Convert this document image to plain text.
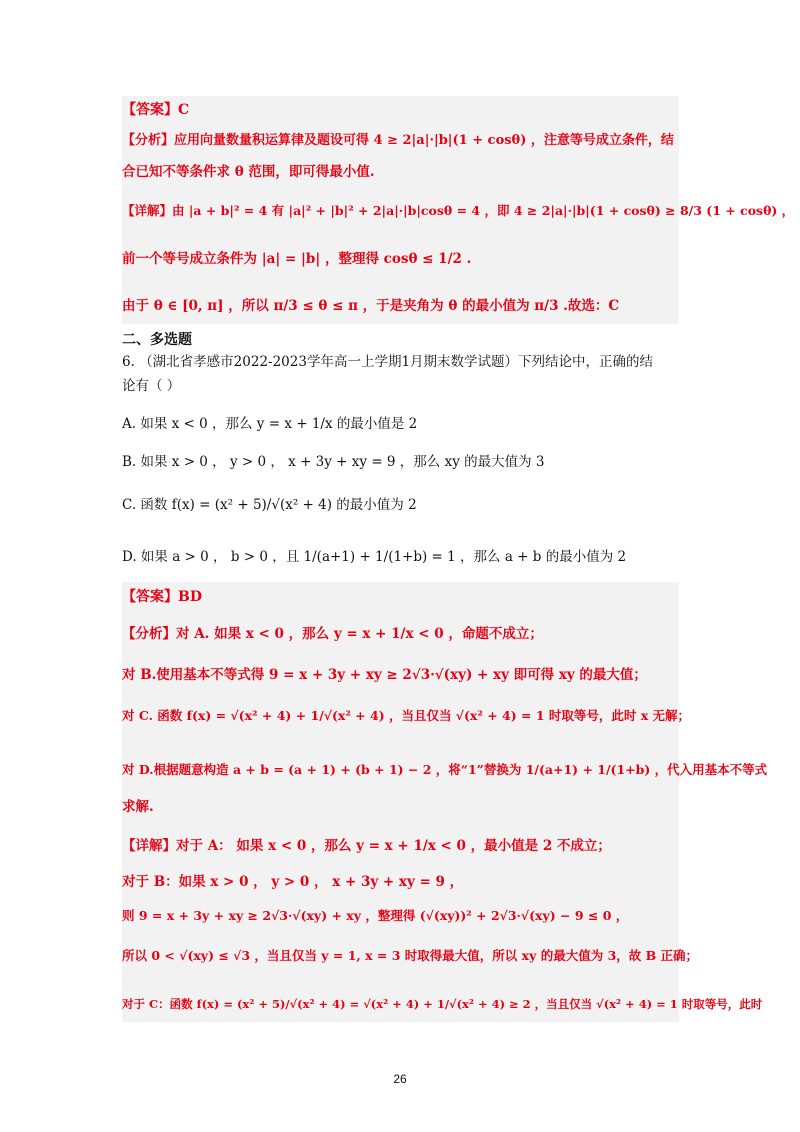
【答案】C
【分析】应用向量数量积运算律及题设可得 4 ≥ 2|a|·|b|(1 + cosθ) ，注意等号成立条件，结
合已知不等条件求 θ 范围，即可得最小值.
【详解】由 |a + b|² = 4 有 |a|² + |b|² + 2|a|·|b|cosθ = 4 ，即 4 ≥ 2|a|·|b|(1 + cosθ) ≥ 8/3 (1 + cosθ) ，
前一个等号成立条件为 |a| = |b| ，整理得 cosθ ≤ 1/2 .
由于 θ ∈ [0, π] ，所以 π/3 ≤ θ ≤ π ，于是夹角为 θ 的最小值为 π/3 .故选：C
二、多选题
6. （湖北省孝感市2022-2023学年高一上学期1月期末数学试题）下列结论中，正确的结
论有（ ）
A. 如果 x < 0 ，那么 y = x + 1/x 的最小值是 2
B. 如果 x > 0 ， y > 0 ， x + 3y + xy = 9 ，那么 xy 的最大值为 3
C. 函数 f(x) = (x² + 5)/√(x² + 4) 的最小值为 2
D. 如果 a > 0 ， b > 0 ，且 1/(a+1) + 1/(1+b) = 1 ，那么 a + b 的最小值为 2
【答案】BD
【分析】对 A. 如果 x < 0 ，那么 y = x + 1/x < 0 ，命题不成立；
对 B.使用基本不等式得 9 = x + 3y + xy ≥ 2√3·√(xy) + xy 即可得 xy 的最大值；
对 C. 函数 f(x) = √(x² + 4) + 1/√(x² + 4) ，当且仅当 √(x² + 4) = 1 时取等号，此时 x 无解；
对 D.根据题意构造 a + b = (a + 1) + (b + 1) − 2 ，将“1”替换为 1/(a+1) + 1/(1+b) ，代入用基本不等式
求解.
【详解】对于 A： 如果 x < 0 ，那么 y = x + 1/x < 0 ，最小值是 2 不成立；
对于 B：如果 x > 0 ， y > 0 ， x + 3y + xy = 9 ，
则 9 = x + 3y + xy ≥ 2√3·√(xy) + xy ，整理得 (√(xy))² + 2√3·√(xy) − 9 ≤ 0 ，
所以 0 < √(xy) ≤ √3 ，当且仅当 y = 1, x = 3 时取得最大值，所以 xy 的最大值为 3，故 B 正确；
对于 C：函数 f(x) = (x² + 5)/√(x² + 4) = √(x² + 4) + 1/√(x² + 4) ≥ 2 ，当且仅当 √(x² + 4) = 1 时取等号，此时
26
